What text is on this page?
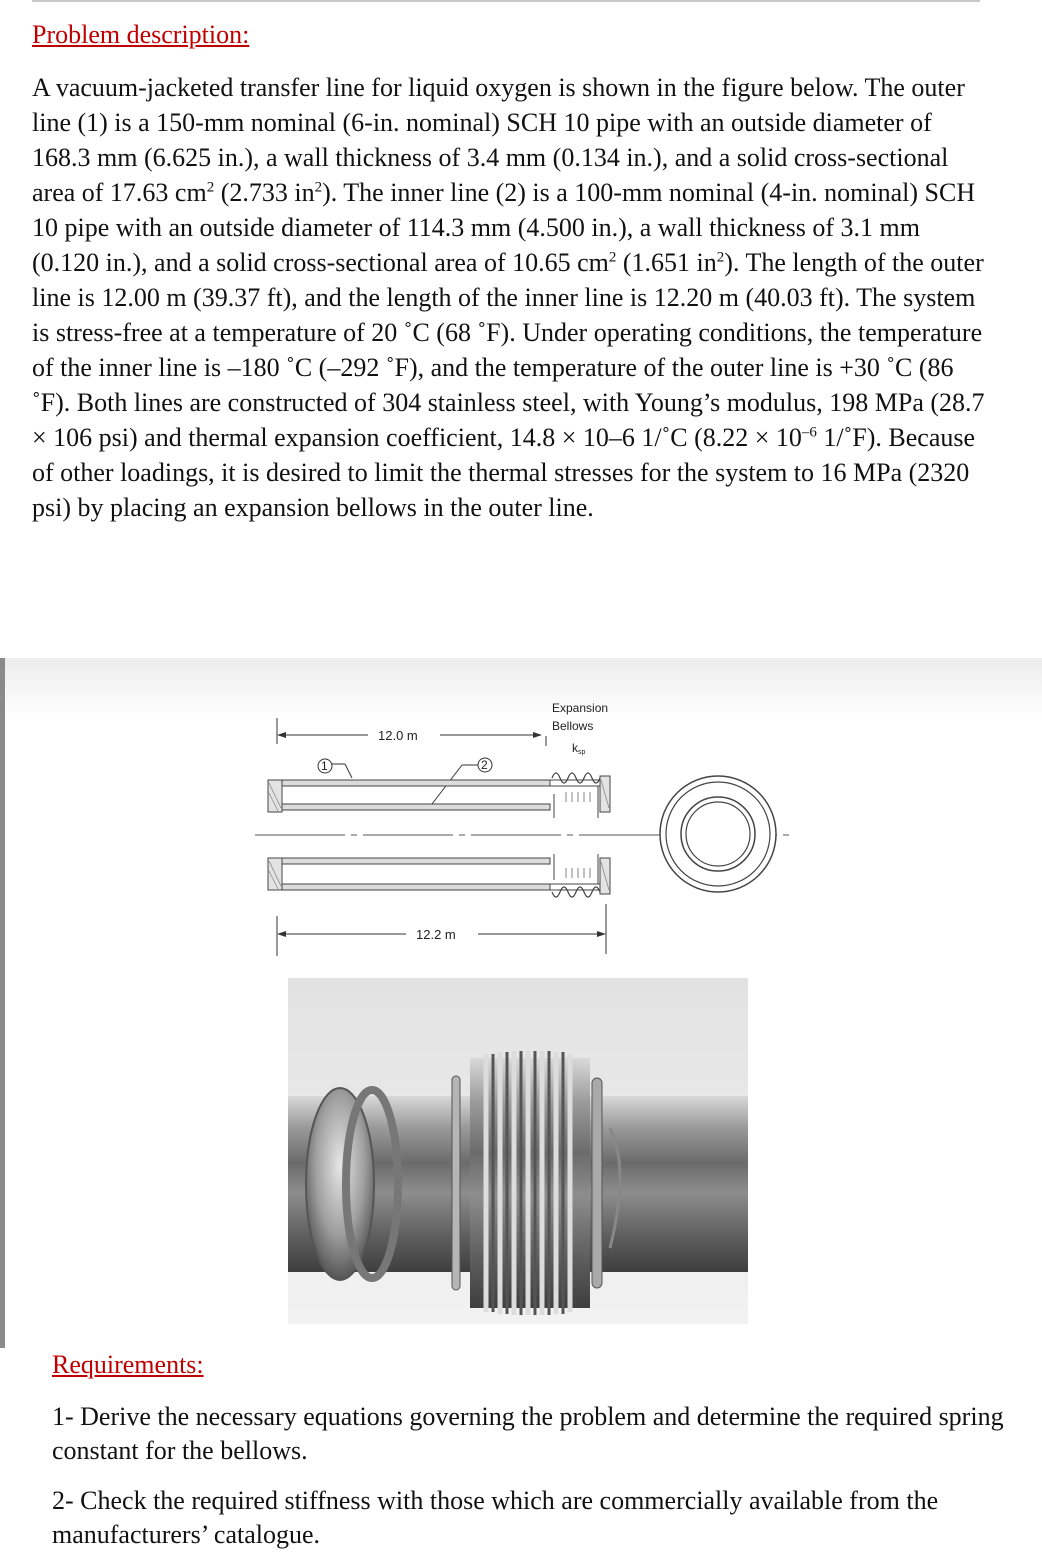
Problem description:

A vacuum-jacketed transfer line for liquid oxygen is shown in the figure below. The outer line (1) is a 150-mm nominal (6-in. nominal) SCH 10 pipe with an outside diameter of 168.3 mm (6.625 in.), a wall thickness of 3.4 mm (0.134 in.), and a solid cross-sectional area of 17.63 $cm^2$ (2.733 $in^2$). The inner line (2) is a 100-mm nominal (4-in. nominal) SCH 10 pipe with an outside diameter of 114.3 mm (4.500 in.), a wall thickness of 3.1 mm (0.120 in.), and a solid cross-sectional area of 10.65 $cm^2$ (1.651 $in^2$). The length of the outer line is 12.00 m (39.37 ft), and the length of the inner line is 12.20 m (40.03 ft). The system is stress-free at a temperature of 20 ˚C (68 ˚F). Under operating conditions, the temperature of the inner line is –180 ˚C (–292 ˚F), and the temperature of the outer line is +30 ˚C (86 ˚F). Both lines are constructed of 304 stainless steel, with Young’s modulus, 198 MPa (28.7 × 106 psi) and thermal expansion coefficient, 14.8 × 10–6 1/˚C ($8.22 \times 10^{-6}$ 1/˚F). Because of other loadings, it is desired to limit the thermal stresses for the system to 16 MPa (2320 psi) by placing an expansion bellows in the outer line.

12.0 m
Expansion
Bellows
ksp
1	2
12.2 m
Requirements:
1- Derive the necessary equations governing the problem and determine the required spring constant for the bellows.
2- Check the required stiffness with those which are commercially available from the manufacturers’ catalogue.
